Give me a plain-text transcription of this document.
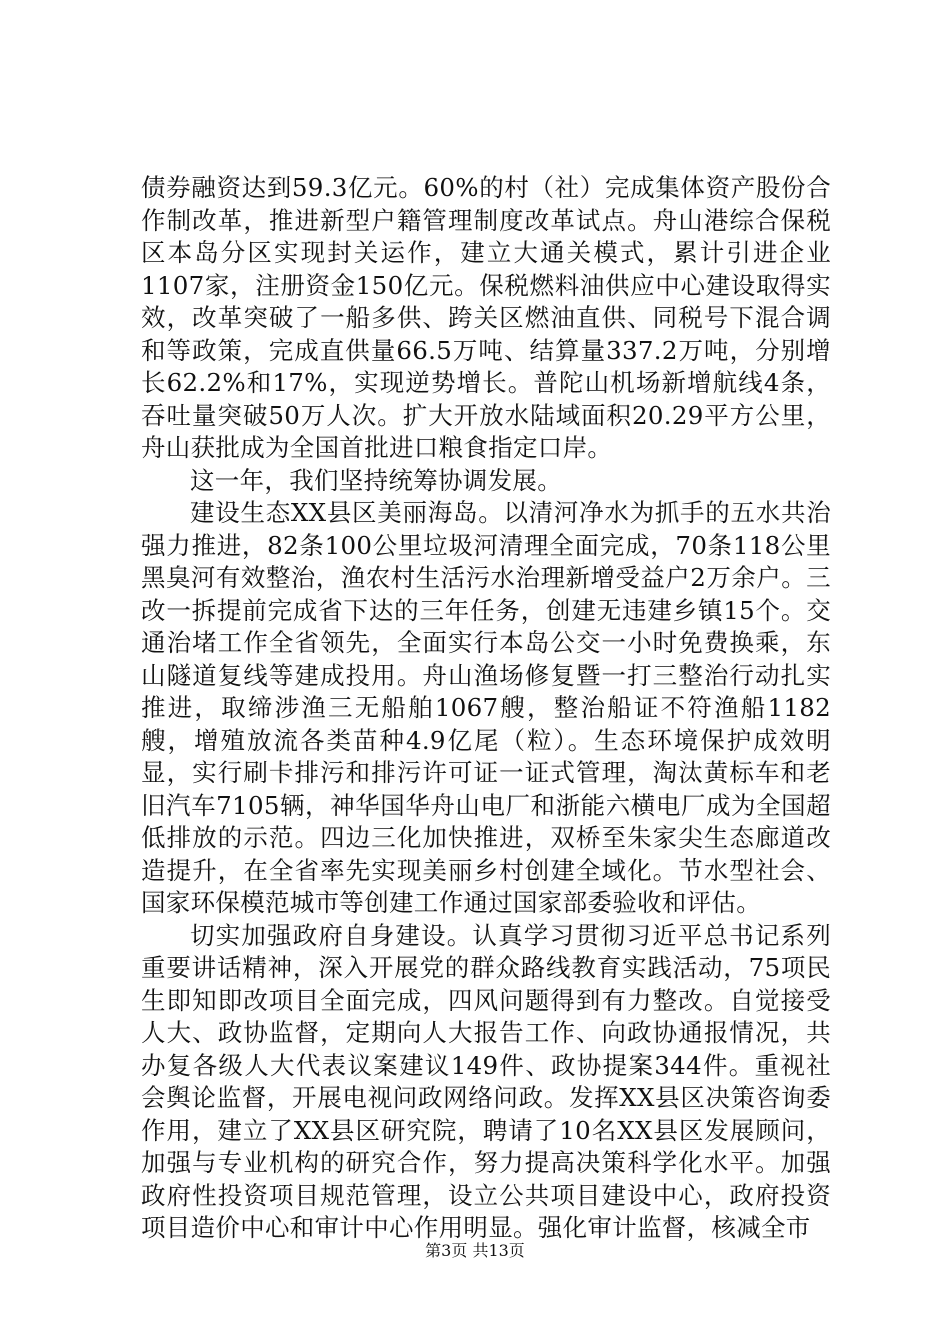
债券融资达到59.3亿元。60%的村（社）完成集体资产股份合作制改革，推进新型户籍管理制度改革试点。舟山港综合保税区本岛分区实现封关运作，建立大通关模式，累计引进企业1107家，注册资金150亿元。保税燃料油供应中心建设取得实效，改革突破了一船多供、跨关区燃油直供、同税号下混合调和等政策，完成直供量66.5万吨、结算量337.2万吨，分别增长62.2%和17%，实现逆势增长。普陀山机场新增航线4条，吞吐量突破50万人次。扩大开放水陆域面积20.29平方公里，舟山获批成为全国首批进口粮食指定口岸。

这一年，我们坚持统筹协调发展。

建设生态XX县区美丽海岛。以清河净水为抓手的五水共治强力推进，82条100公里垃圾河清理全面完成，70条118公里黑臭河有效整治，渔农村生活污水治理新增受益户2万余户。三改一拆提前完成省下达的三年任务，创建无违建乡镇15个。交通治堵工作全省领先，全面实行本岛公交一小时免费换乘，东山隧道复线等建成投用。舟山渔场修复暨一打三整治行动扎实推进，取缔涉渔三无船舶1067艘，整治船证不符渔船1182艘，增殖放流各类苗种4.9亿尾（粒）。生态环境保护成效明显，实行刷卡排污和排污许可证一证式管理，淘汰黄标车和老旧汽车7105辆，神华国华舟山电厂和浙能六横电厂成为全国超低排放的示范。四边三化加快推进，双桥至朱家尖生态廊道改造提升，在全省率先实现美丽乡村创建全域化。节水型社会、国家环保模范城市等创建工作通过国家部委验收和评估。

切实加强政府自身建设。认真学习贯彻习近平总书记系列重要讲话精神，深入开展党的群众路线教育实践活动，75项民生即知即改项目全面完成，四风问题得到有力整改。自觉接受人大、政协监督，定期向人大报告工作、向政协通报情况，共办复各级人大代表议案建议149件、政协提案344件。重视社会舆论监督，开展电视问政网络问政。发挥XX县区决策咨询委作用，建立了XX县区研究院，聘请了10名XX县区发展顾问，加强与专业机构的研究合作，努力提高决策科学化水平。加强政府性投资项目规范管理，设立公共项目建设中心，政府投资项目造价中心和审计中心作用明显。强化审计监督，核减全市

第3页 共13页
